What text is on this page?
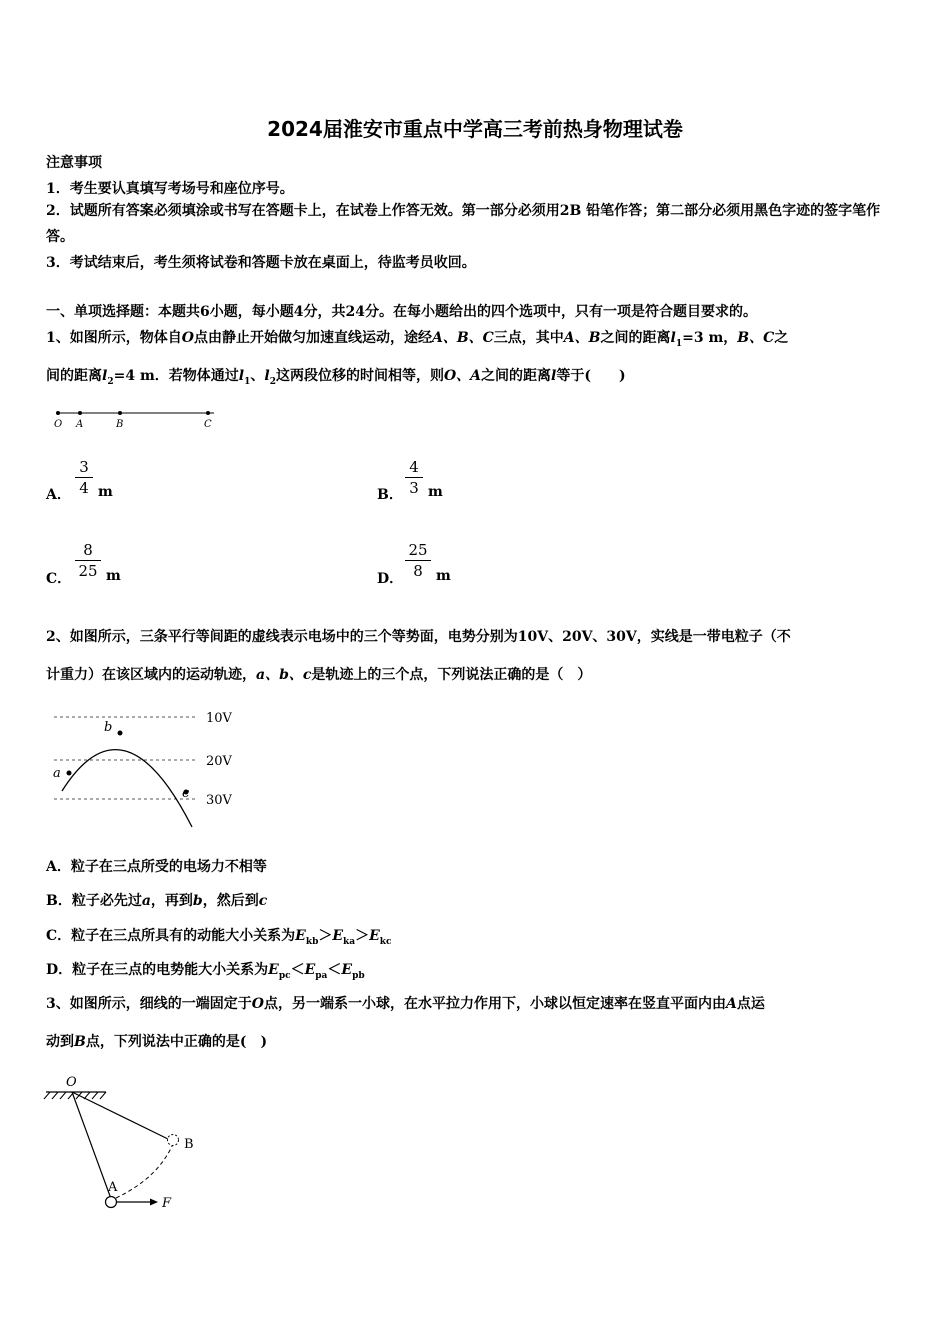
2024届淮安市重点中学高三考前热身物理试卷
注意事项
1．考生要认真填写考场号和座位序号。
2．试题所有答案必须填涂或书写在答题卡上，在试卷上作答无效。第一部分必须用2B 铅笔作答；第二部分必须用黑色字迹的签字笔作答。
3．考试结束后，考生须将试卷和答题卡放在桌面上，待监考员收回。
一、单项选择题：本题共6小题，每小题4分，共24分。在每小题给出的四个选项中，只有一项是符合题目要求的。
1、如图所示，物体自O点由静止开始做匀加速直线运动，途经A、B、C三点，其中A、B之间的距离$l_1=3$ m，B、C之
间的距离$l_2=4$ m．若物体通过$l_1$、$l_2$这两段位移的时间相等，则O、A之间的距离l等于(　　)
O A	B	C
A．
3
4 m	B．
4
3 m
C．
8
25 m	D．
25
8 m
2、如图所示，三条平行等间距的虚线表示电场中的三个等势面，电势分别为10V、20V、30V，实线是一带电粒子（不
计重力）在该区域内的运动轨迹，a、b、c是轨迹上的三个点，下列说法正确的是（　）
10V
20V
30V
a
b
c
A．粒子在三点所受的电场力不相等
B．粒子必先过a，再到b，然后到c
C．粒子在三点所具有的动能大小关系为$E_{kb}>E_{ka}>E_{kc}$
D．粒子在三点的电势能大小关系为$E_{pc}<E_{pa}<E_{pb}$
3、如图所示，细线的一端固定于O点，另一端系一小球，在水平拉力作用下，小球以恒定速率在竖直平面内由A点运
动到B点，下列说法中正确的是(　)
O
A
B
F
